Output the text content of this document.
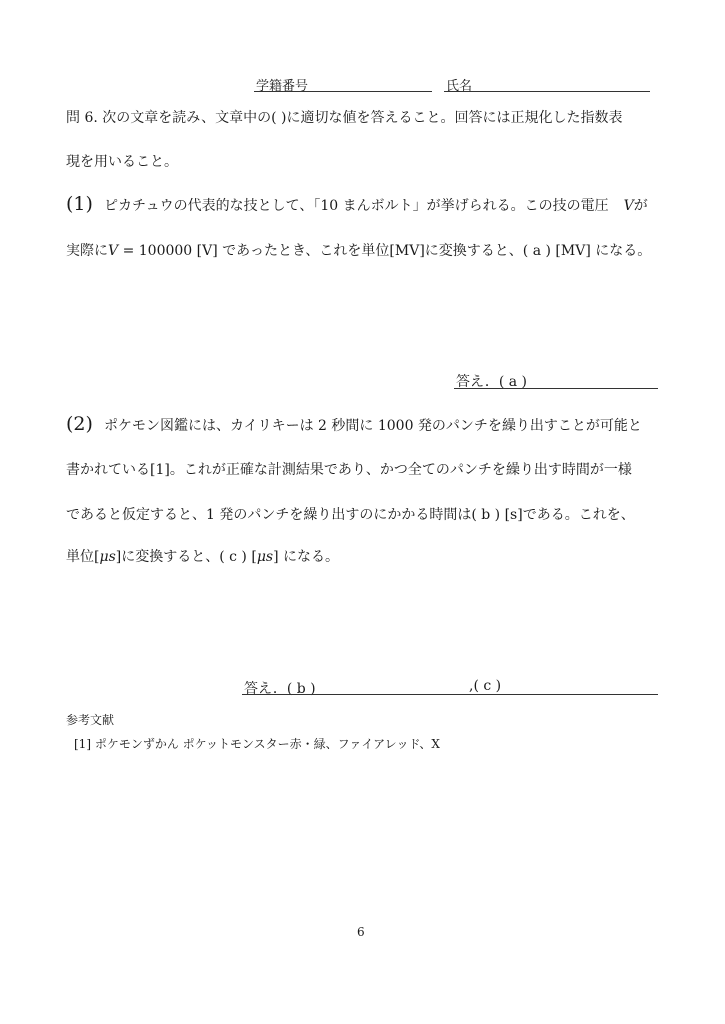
学籍番号	氏名
問 6. 次の文章を読み、文章中の( )に適切な値を答えること。回答には正規化した指数表
現を用いること。
(1) ピカチュウの代表的な技として、「10 まんボルト」が挙げられる。この技の電圧 Vが
実際にV = 100000 [V] であったとき、これを単位[MV]に変換すると、( a ) [MV] になる。
答え．( a )
(2) ポケモン図鑑には、カイリキーは 2 秒間に 1000 発のパンチを繰り出すことが可能と
書かれている[1]。これが正確な計測結果であり、かつ全てのパンチを繰り出す時間が一様
であると仮定すると、1 発のパンチを繰り出すのにかかる時間は( b ) [s]である。これを、
単位[μs]に変換すると、( c ) [μs] になる。
答え．( b )	,( c )
参考文献
[1] ポケモンずかん ポケットモンスター赤・緑、ファイアレッド、X
6
